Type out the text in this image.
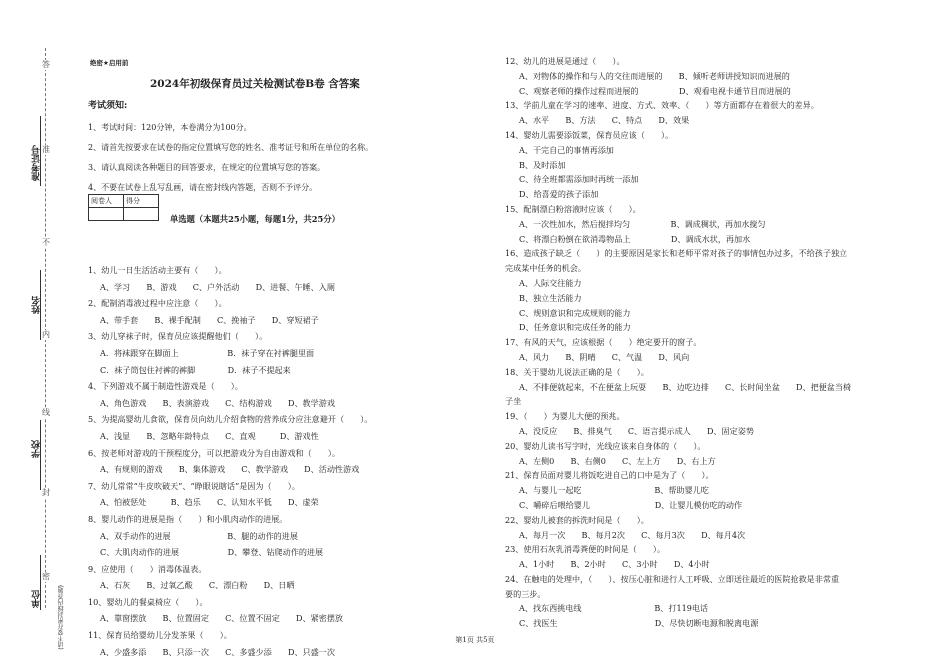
准考证号
姓名
学校
单位
答
准
不
内
线
封
密
(请不要在密封线内答题)
绝密★启用前
2024年初级保育员过关检测试卷B卷 含答案
考试须知:

1、考试时间：120分钟，本卷满分为100分。

2、请首先按要求在试卷的指定位置填写您的姓名、准考证号和所在单位的名称。

3、请认真阅读各种题目的回答要求，在规定的位置填写您的答案。

4、不要在试卷上乱写乱画，请在密封线内答题，否则不予评分。

阅卷人	得分

单选题（本题共25小题，每题1分，共25分）

1、幼儿一日生活活动主要有（　　）。

A、学习　　B、游戏　　C、户外活动　　D、进餐、午睡、入厕

2、配制消毒液过程中应注意（　　）。

A、带手套　　B、裸手配制　　C、挽袖子　　D、穿短裙子

3、幼儿穿袜子时，保育员应该提醒他们（　　）。

A．将袜跟穿在脚面上　　　　　　B．袜子穿在衬裤腿里面

C．袜子筒包住衬裤的裤脚　　　　D．袜子不提起来

4、下列游戏不属于制造性游戏是（　　）。

A、角色游戏　　B、表演游戏　　C、结构游戏　　D、教学游戏

5、为提高婴幼儿食欲，保育员向幼儿介绍食物的营养成分应注意避开（　　）。

A、浅显　　B、忽略年龄特点　　C、直观　　　D、游戏性

6、按老师对游戏的干预程度分，可以把游戏分为自由游戏和（　　）。

A、有规则的游戏　　B、集体游戏　　C、教学游戏　　D、活动性游戏

7、幼儿常常“牛皮吹破天”、“睁眼说瞎话”是因为（　　）。

A、怕被惩处　　　B、趋乐　　C、认知水平低　　D、虚荣

8、婴儿动作的进展是指（　　）和小肌肉动作的进展。

A、双手动作的进展　　　　　　　B、腿的动作的进展

C、大肌肉动作的进展　　　　　　D、攀登、钻爬动作的进展

9、应使用（　　）消毒体温表。

A、石灰　　B、过氧乙酸　　C、漂白粉　　D、日晒

10、婴幼儿的餐桌椅应（　　）。

A、靠窗摆放　　B、位置固定　　C、位置不固定　　D、紧密摆放

11、保育员给婴幼儿分发茶果（　　）。

A、少盛多添　　B、只添一次　　C、多盛少添　　D、只盛一次

12、幼儿的进展是通过（　　）。

A、对物体的操作和与人的交往而进展的　　B、倾听老师讲授知识而进展的

C、观察老师的操作过程而进展的　　　　　D、观看电视卡通节目而进展的

13、学前儿童在学习的速率、进度、方式、效率、（　　）等方面都存在着很大的差异。

A、水平　　B、方法　　C、特点　　D、效果

14、婴幼儿需要添饭菜，保育员应该（　　）。

A、干完自己的事情再添加

B、及时添加

C、待全班都需添加时再统一添加

D、给喜爱的孩子添加

15、配制漂白粉溶液时应该（　　）。

A、一次性加水，然后搅拌均匀　　　　　B、调成稠状，再加水搅匀

C、将漂白粉倒在欲消毒物品上　　　　　D、调成水状，再加水

16、造成孩子缺乏（　　）的主要原因是家长和老师平常对孩子的事情包办过多，不给孩子独立

完成某中任务的机会。

A、人际交往能力

B、独立生活能力

C、规则意识和完成规则的能力

D、任务意识和完成任务的能力

17、有风的天气，应该根据（　　）绝定要开的窗子。

A、风力　　B、阴晴　　C、气温　　D、风向

18、关于婴幼儿说法正确的是（　　）。

A、不排便就起来，不在便盆上玩耍　　B、边吃边排　　C、长时间坐盆　　D、把便盆当椅

子坐

19、（　　）为婴儿大便的预兆。

A、没反应　　B、排臭气　　C、语言提示成人　　D、固定姿势

20、婴幼儿读书写字时，光线应该来自身体的（　　）。

A、左侧0　　B、右侧0　　C、左上方　　D、右上方

21、保育员面对婴儿将饭吃进自己的口中是为了（　　）。

A、与婴儿一起吃　　　　　　　　　B、帮助婴儿吃

C、嚼碎后喂给婴儿　　　　　　　　D、让婴儿模仿吃的动作

22、婴幼儿被套的拆洗时间是（　　）。

A、每月一次　　B、每月2次　　C、每月3次　　D、每月4次

23、使用石灰乳消毒粪便的时间是（　　）。

A、1小时　　B、2小时　　C、3小时　　D、4小时

24、在触电的处理中，（　　）、按压心脏和进行人工呼吸、立即送往最近的医院抢救是非常重

要的三步。

A、找东西挑电线　　　　　　　　　B、打119电话

C、找医生　　　　　　　　　　　　D、尽快切断电源和脱离电源

第1页 共5页
